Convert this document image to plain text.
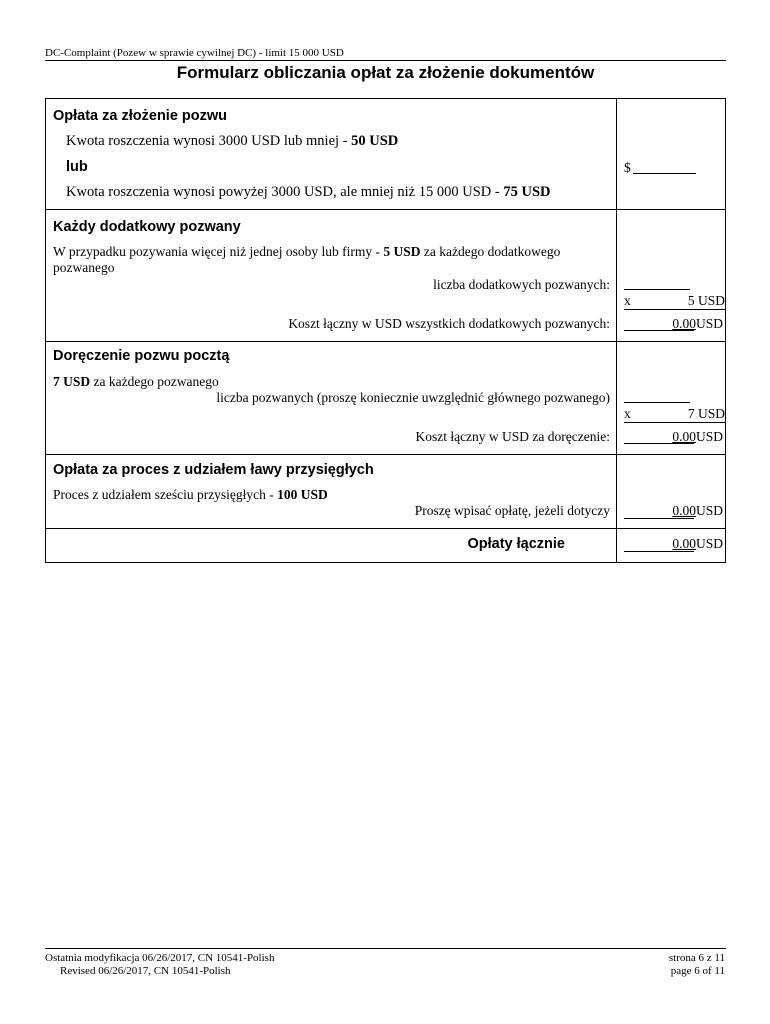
DC-Complaint (Pozew w sprawie cywilnej DC) - limit 15 000 USD
Formularz obliczania opłat za złożenie dokumentów
Opłata za złożenie pozwu
Kwota roszczenia wynosi 3000 USD lub mniej - 50 USD
lub
Kwota roszczenia wynosi powyżej 3000 USD, ale mniej niż 15 000 USD - 75 USD
$
Każdy dodatkowy pozwany
W przypadku pozywania więcej niż jednej osoby lub firmy - 5 USD za każdego dodatkowego
pozwanego
liczba dodatkowych pozwanych:
x	5 USD
Koszt łączny w USD wszystkich dodatkowych pozwanych:	0.00USD
Doręczenie pozwu pocztą
7 USD za każdego pozwanego
liczba pozwanych (proszę koniecznie uwzględnić głównego pozwanego)
x	7 USD
Koszt łączny w USD za doręczenie:	0.00USD
Opłata za proces z udziałem ławy przysięgłych
Proces z udziałem sześciu przysięgłych - 100 USD
Proszę wpisać opłatę, jeżeli dotyczy	0.00USD
Opłaty łącznie	0.00USD
Ostatnia modyfikacja 06/26/2017, CN 10541-Polish
Revised 06/26/2017, CN 10541-Polish
strona 6 z 11
page 6 of 11
